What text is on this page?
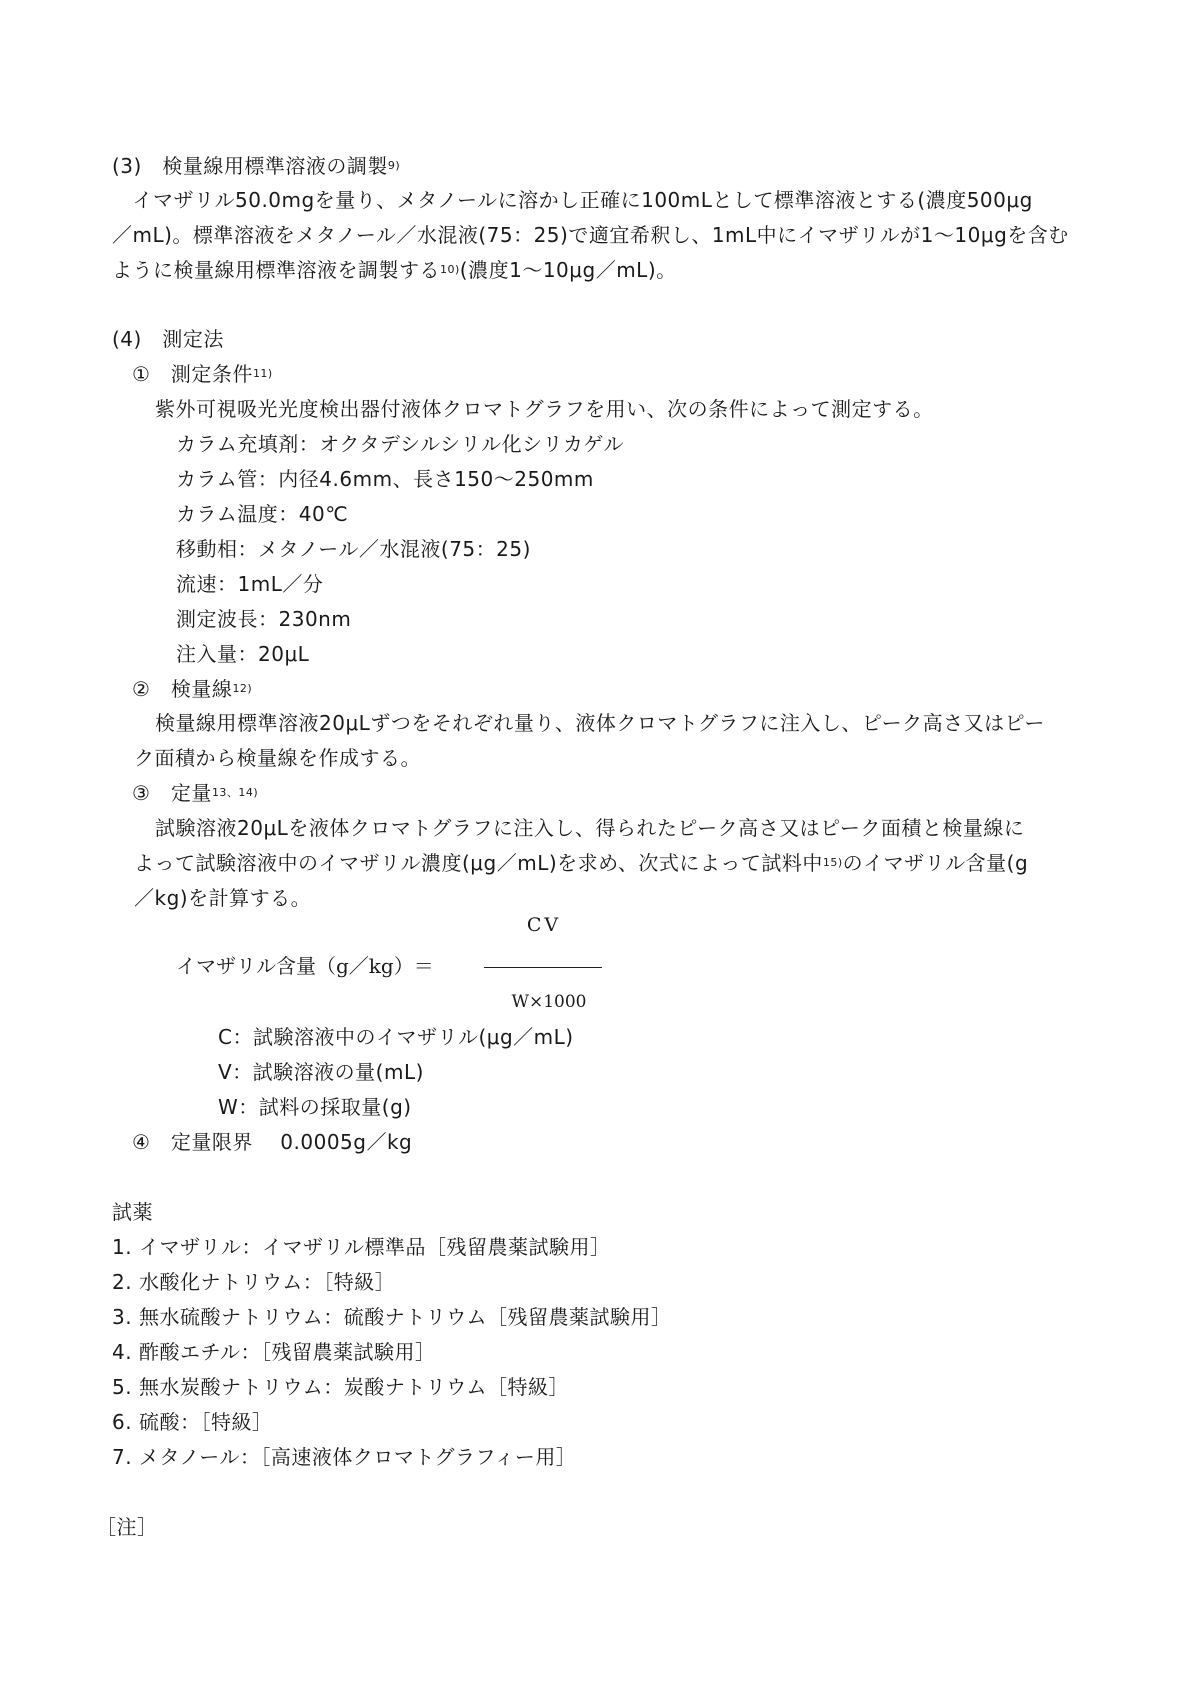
(3)　検量線用標準溶液の調製$^{9)}$
　イマザリル50.0mgを量り、メタノールに溶かし正確に100mLとして標準溶液とする(濃度500μg
／mL)。標準溶液をメタノール／水混液(75：25)で適宜希釈し、1mL中にイマザリルが1～10μgを含む
ように検量線用標準溶液を調製する$^{10)}$(濃度1～10μg／mL)。
(4)　測定法
①　測定条件$^{11)}$
紫外可視吸光光度検出器付液体クロマトグラフを用い、次の条件によって測定する。
カラム充填剤：オクタデシルシリル化シリカゲル
カラム管：内径4.6mm、長さ150～250mm
カラム温度：40℃
移動相：メタノール／水混液(75：25)
流速：1mL／分
測定波長：230nm
注入量：20μL
②　検量線$^{12)}$
検量線用標準溶液20μLずつをそれぞれ量り、液体クロマトグラフに注入し、ピーク高さ又はピー
ク面積から検量線を作成する。
③　定量$^{13、14)}$
試験溶液20μLを液体クロマトグラフに注入し、得られたピーク高さ又はピーク面積と検量線に
よって試験溶液中のイマザリル濃度(μg／mL)を求め、次式によって試料中$^{15)}$のイマザリル含量(g
／kg)を計算する。
イマザリル含量（g／kg）＝
CV
W×1000
C：試験溶液中のイマザリル(μg／mL)
V：試験溶液の量(mL)
W：試料の採取量(g)
④　定量限界　 0.0005g／kg
試薬
1. イマザリル：イマザリル標準品［残留農薬試験用］
2. 水酸化ナトリウム：［特級］
3. 無水硫酸ナトリウム：硫酸ナトリウム［残留農薬試験用］
4. 酢酸エチル：［残留農薬試験用］
5. 無水炭酸ナトリウム：炭酸ナトリウム［特級］
6. 硫酸：［特級］
7. メタノール：［高速液体クロマトグラフィー用］
［注］
